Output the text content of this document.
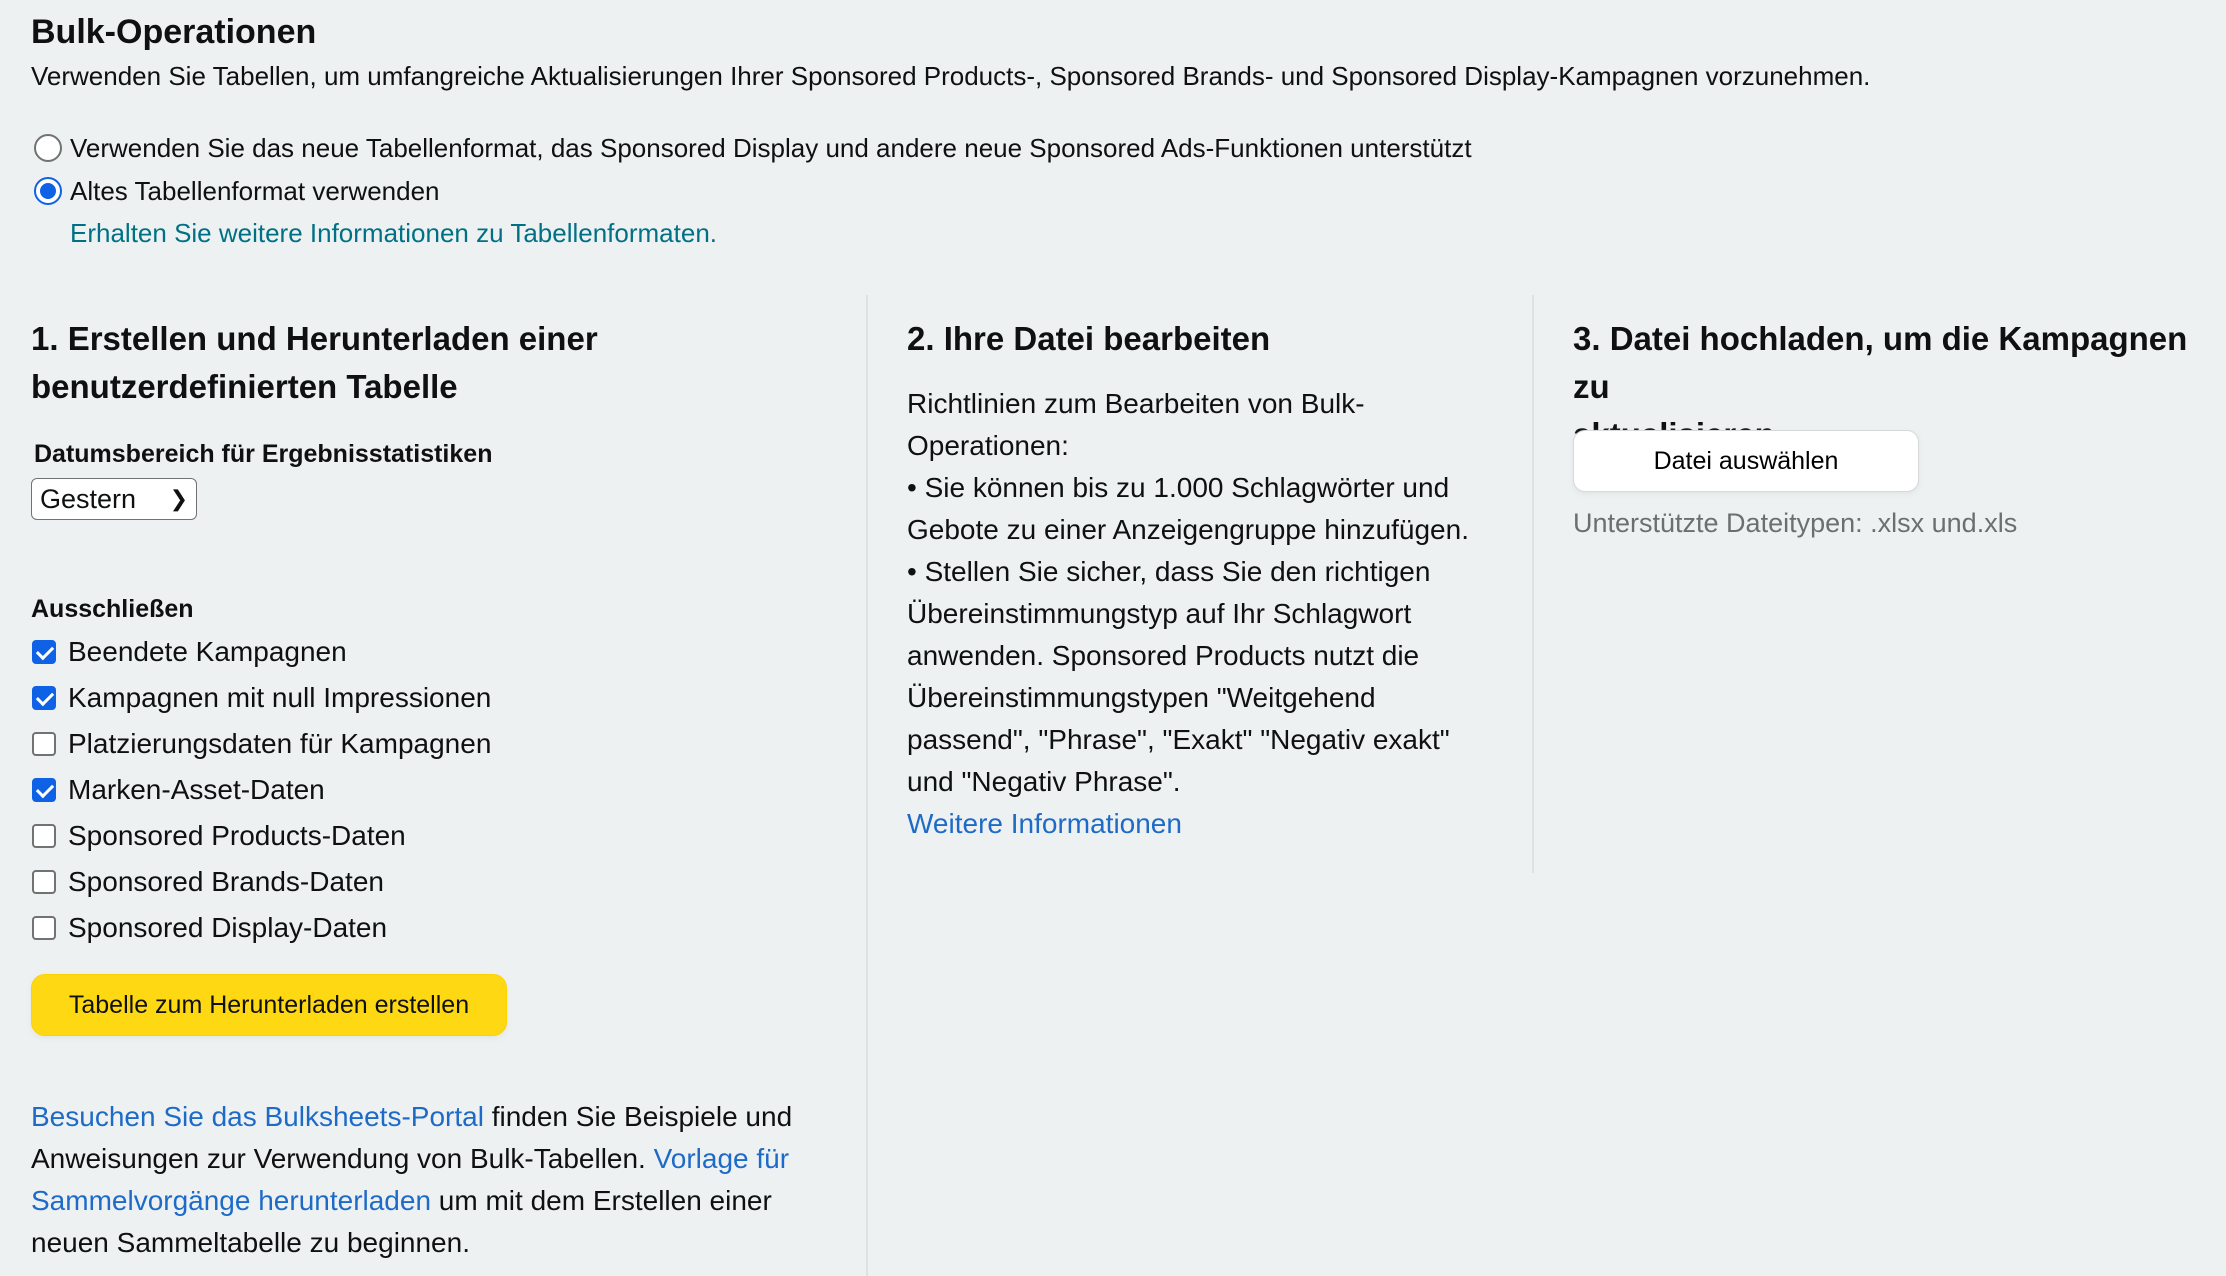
Bulk-Operationen

Verwenden Sie Tabellen, um umfangreiche Aktualisierungen Ihrer Sponsored Products-, Sponsored Brands- und Sponsored Display-Kampagnen vorzunehmen.

Verwenden Sie das neue Tabellenformat, das Sponsored Display und andere neue Sponsored Ads-Funktionen unterstützt
Altes Tabellenformat verwenden
Erhalten Sie weitere Informationen zu Tabellenformaten.
1. Erstellen und Herunterladen einer
benutzerdefinierten Tabelle
Datumsbereich für Ergebnisstatistiken
Gestern ❯
Ausschließen
Beendete Kampagnen
Kampagnen mit null Impressionen
Platzierungsdaten für Kampagnen
Marken-Asset-Daten
Sponsored Products-Daten
Sponsored Brands-Daten
Sponsored Display-Daten
Tabelle zum Herunterladen erstellen

Besuchen Sie das Bulksheets-Portal finden Sie Beispiele und Anweisungen zur Verwendung von Bulk-Tabellen. Vorlage für Sammelvorgänge herunterladen um mit dem Erstellen einer neuen Sammeltabelle zu beginnen.

2. Ihre Datei bearbeiten

Richtlinien zum Bearbeiten von Bulk-
Operationen:
• Sie können bis zu 1.000 Schlagwörter und
Gebote zu einer Anzeigengruppe hinzufügen.
• Stellen Sie sicher, dass Sie den richtigen
Übereinstimmungstyp auf Ihr Schlagwort
anwenden. Sponsored Products nutzt die
Übereinstimmungstypen "Weitgehend
passend", "Phrase", "Exakt" "Negativ exakt"
und "Negativ Phrase".
Weitere Informationen

3. Datei hochladen, um die Kampagnen zu

Datei auswählen
Unterstützte Dateitypen: .xlsx und.xls
